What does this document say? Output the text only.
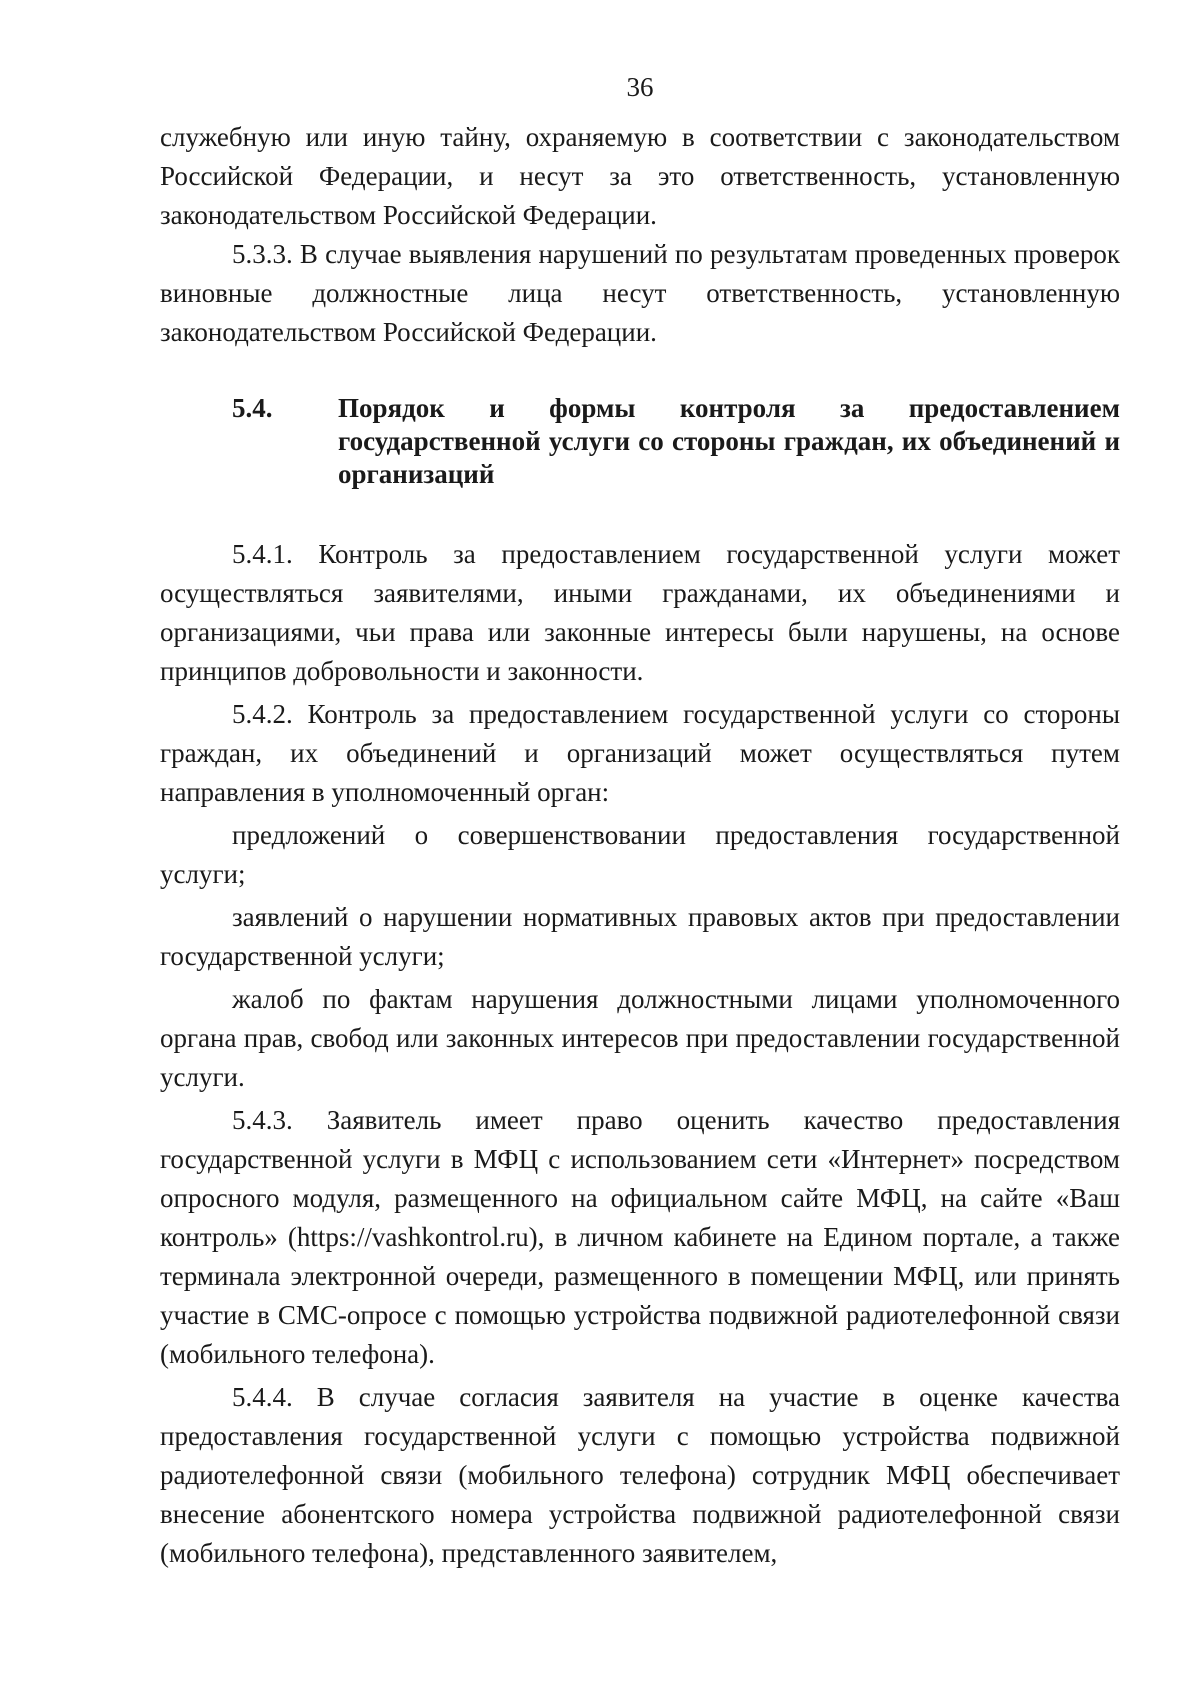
36

служебную или иную тайну, охраняемую в соответствии с законодательством Российской Федерации, и несут за это ответственность, установленную законодательством Российской Федерации.

5.3.3. В случае выявления нарушений по результатам проведенных проверок виновные должностные лица несут ответственность, установленную законодательством Российской Федерации.

5.4.	Порядок и формы контроля за предоставлением государственной услуги со стороны граждан, их объединений и организаций

5.4.1. Контроль за предоставлением государственной услуги может осуществляться заявителями, иными гражданами, их объединениями и организациями, чьи права или законные интересы были нарушены, на основе принципов добровольности и законности.

5.4.2. Контроль за предоставлением государственной услуги со стороны граждан, их объединений и организаций может осуществляться путем направления в уполномоченный орган:

предложений о совершенствовании предоставления государственной услуги;

заявлений о нарушении нормативных правовых актов при предоставлении государственной услуги;

жалоб по фактам нарушения должностными лицами уполномоченного органа прав, свобод или законных интересов при предоставлении государственной услуги.

5.4.3. Заявитель имеет право оценить качество предоставления государственной услуги в МФЦ с использованием сети «Интернет» посредством опросного модуля, размещенного на официальном сайте МФЦ, на сайте «Ваш контроль» (https://vashkontrol.ru), в личном кабинете на Едином портале, а также терминала электронной очереди, размещенного в помещении МФЦ, или принять участие в СМС-опросе с помощью устройства подвижной радиотелефонной связи (мобильного телефона).

5.4.4. В случае согласия заявителя на участие в оценке качества предоставления государственной услуги с помощью устройства подвижной радиотелефонной связи (мобильного телефона) сотрудник МФЦ обеспечивает внесение абонентского номера устройства подвижной радиотелефонной связи (мобильного телефона), представленного заявителем,
